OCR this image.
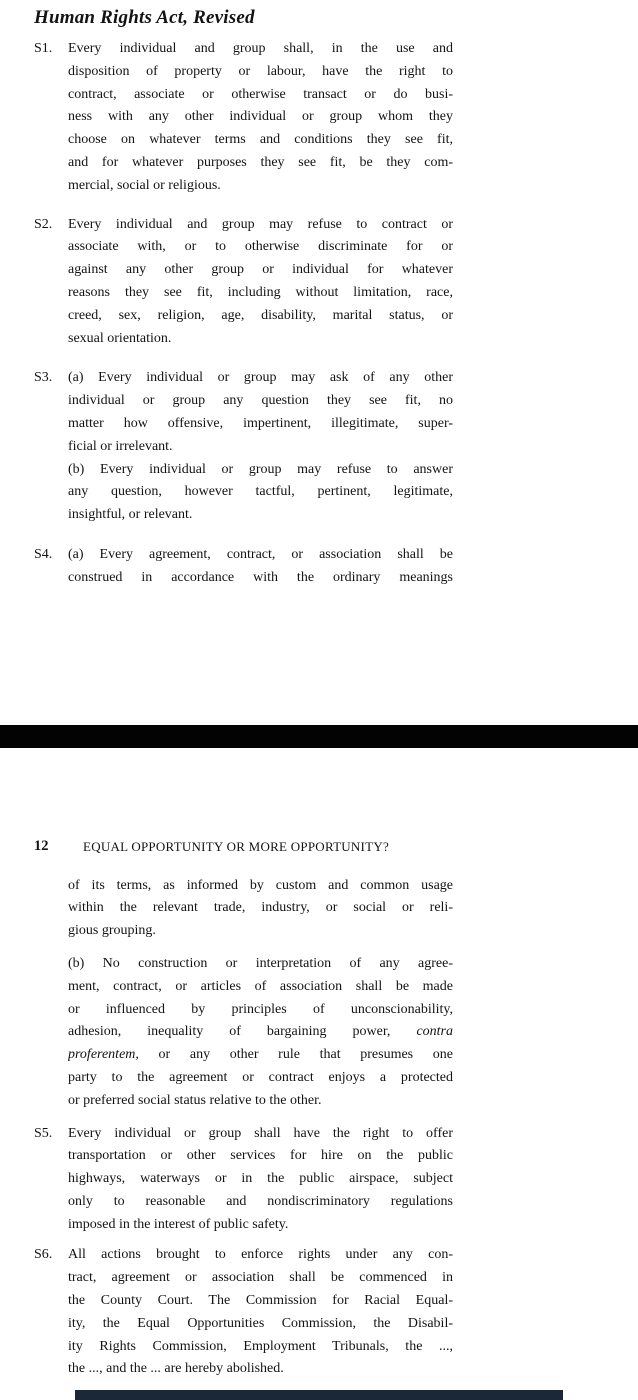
Human Rights Act, Revised
S1. Every individual and group shall, in the use and
disposition of property or labour, have the right to
contract, associate or otherwise transact or do busi-
ness with any other individual or group whom they
choose on whatever terms and conditions they see fit,
and for whatever purposes they see fit, be they com-
mercial, social or religious.
S2. Every individual and group may refuse to contract or
associate with, or to otherwise discriminate for or
against any other group or individual for whatever
reasons they see fit, including without limitation, race,
creed, sex, religion, age, disability, marital status, or
sexual orientation.
S3. (a) Every individual or group may ask of any other
individual or group any question they see fit, no
matter how offensive, impertinent, illegitimate, super-
ficial or irrelevant.
(b) Every individual or group may refuse to answer
any question, however tactful, pertinent, legitimate,
insightful, or relevant.
S4. (a) Every agreement, contract, or association shall be
construed in accordance with the ordinary meanings
12	EQUAL OPPORTUNITY OR MORE OPPORTUNITY?
of its terms, as informed by custom and common usage
within the relevant trade, industry, or social or reli-
gious grouping.
(b) No construction or interpretation of any agree-
ment, contract, or articles of association shall be made
or influenced by principles of unconscionability,
adhesion, inequality of bargaining power, contra
proferentem, or any other rule that presumes one
party to the agreement or contract enjoys a protected
or preferred social status relative to the other.
S5. Every individual or group shall have the right to offer
transportation or other services for hire on the public
highways, waterways or in the public airspace, subject
only to reasonable and nondiscriminatory regulations
imposed in the interest of public safety.
S6. All actions brought to enforce rights under any con-
tract, agreement or association shall be commenced in
the County Court. The Commission for Racial Equal-
ity, the Equal Opportunities Commission, the Disabil-
ity Rights Commission, Employment Tribunals, the ...,
the ..., and the ... are hereby abolished.
